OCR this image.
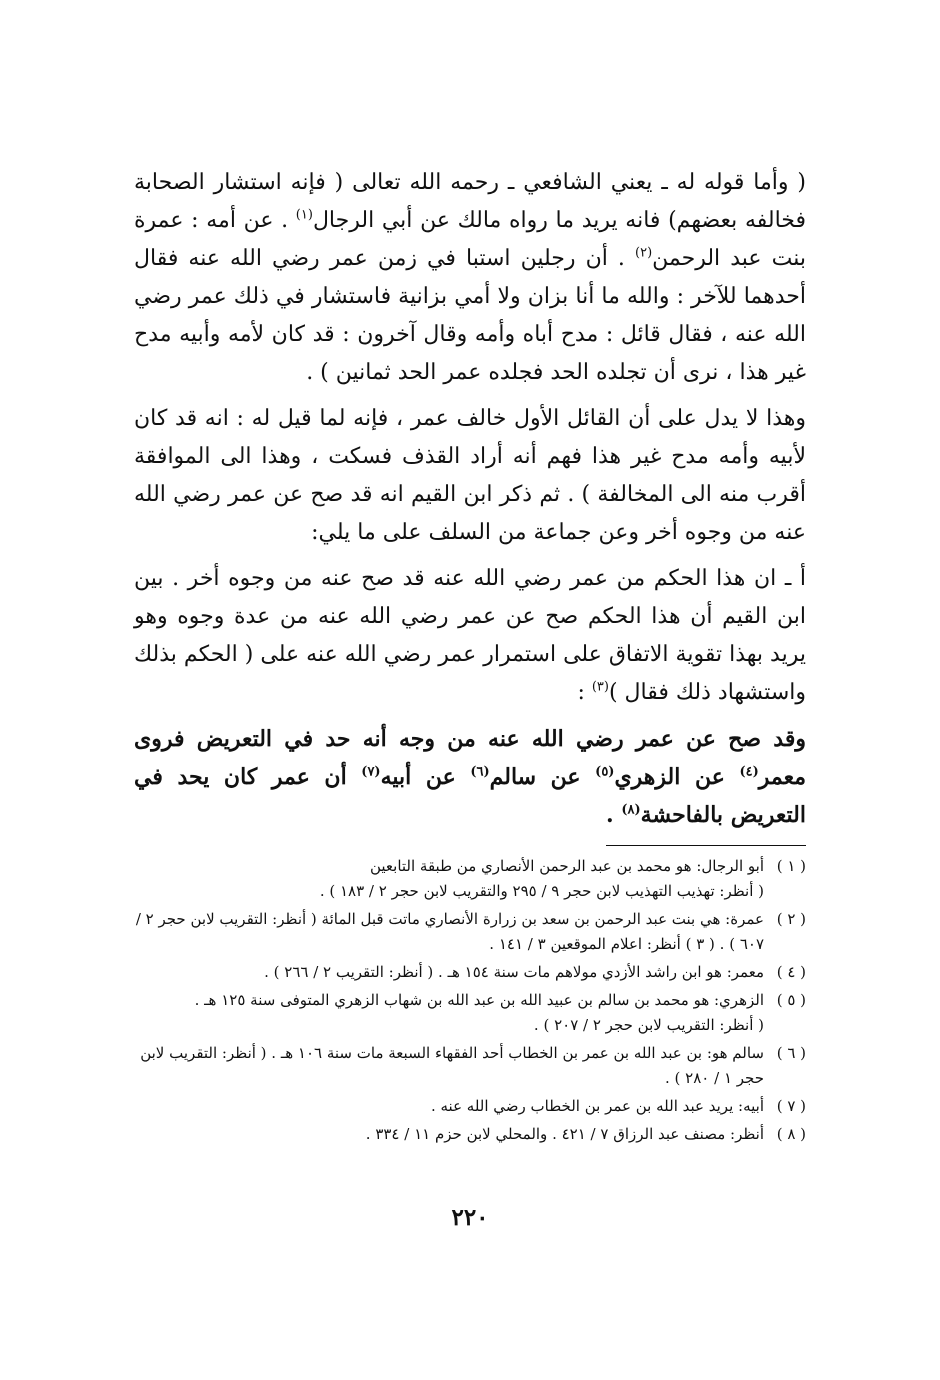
( وأما قوله له ـ يعني الشافعي ـ رحمه الله تعالى ( فإنه استشار الصحابة فخالفه بعضهم) فانه يريد ما رواه مالك عن أبي الرجال$^{(١)}$ . عن أمه : عمرة بنت عبد الرحمن$^{(٢)}$ . أن رجلين استبا في زمن عمر رضي الله عنه فقال أحدهما للآخر : والله ما أنا بزان ولا أمي بزانية فاستشار في ذلك عمر رضي الله عنه ، فقال قائل : مدح أباه وأمه وقال آخرون : قد كان لأمه وأبيه مدح غير هذا ، نرى أن تجلده الحد فجلده عمر الحد ثمانين ) .

وهذا لا يدل على أن القائل الأول خالف عمر ، فإنه لما قيل له : انه قد كان لأبيه وأمه مدح غير هذا فهم أنه أراد القذف فسكت ، وهذا الى الموافقة أقرب منه الى المخالفة ) . ثم ذكر ابن القيم انه قد صح عن عمر رضي الله عنه من وجوه أخر وعن جماعة من السلف على ما يلي:

أ ـ ان هذا الحكم من عمر رضي الله عنه قد صح عنه من وجوه أخر . بين ابن القيم أن هذا الحكم صح عن عمر رضي الله عنه من عدة وجوه وهو يريد بهذا تقوية الاتفاق على استمرار عمر رضي الله عنه على ( الحكم بذلك واستشهاد ذلك فقال )$^{(٣)}$ :

وقد صح عن عمر رضي الله عنه من وجه أنه حد في التعريض فروى معمر$^{(٤)}$ عن الزهري$^{(٥)}$ عن سالم$^{(٦)}$ عن أبيه$^{(٧)}$ أن عمر كان يحد في التعريض بالفاحشة$^{(٨)}$ .

( ١ )
أبو الرجال: هو محمد بن عبد الرحمن الأنصاري من طبقة التابعين
( أنظر: تهذيب التهذيب لابن حجر ٩ / ٢٩٥ والتقريب لابن حجر ٢ / ١٨٣ ) .
( ٢ )
عمرة: هي بنت عبد الرحمن بن سعد بن زرارة الأنصاري ماتت قبل المائة ( أنظر: التقريب لابن حجر ٢ / ٦٠٧ ) . ( ٣ ) أنظر: اعلام الموقعين ٣ / ١٤١ .
( ٤ )
معمر: هو ابن راشد الأزدي مولاهم مات سنة ١٥٤ هـ . ( أنظر: التقريب ٢ / ٢٦٦ ) .
( ٥ )
الزهري: هو محمد بن سالم بن عبيد الله بن عبد الله بن شهاب الزهري المتوفى سنة ١٢٥ هـ .
( أنظر: التقريب لابن حجر ٢ / ٢٠٧ ) .
( ٦ )
سالم هو: بن عبد الله بن عمر بن الخطاب أحد الفقهاء السبعة مات سنة ١٠٦ هـ . ( أنظر: التقريب لابن حجر ١ / ٢٨٠ ) .
( ٧ )
أبيه: يريد عبد الله بن عمر بن الخطاب رضي الله عنه .
( ٨ )
أنظر: مصنف عبد الرزاق ٧ / ٤٢١ . والمحلي لابن حزم ١١ / ٣٣٤ .
٢٢٠
